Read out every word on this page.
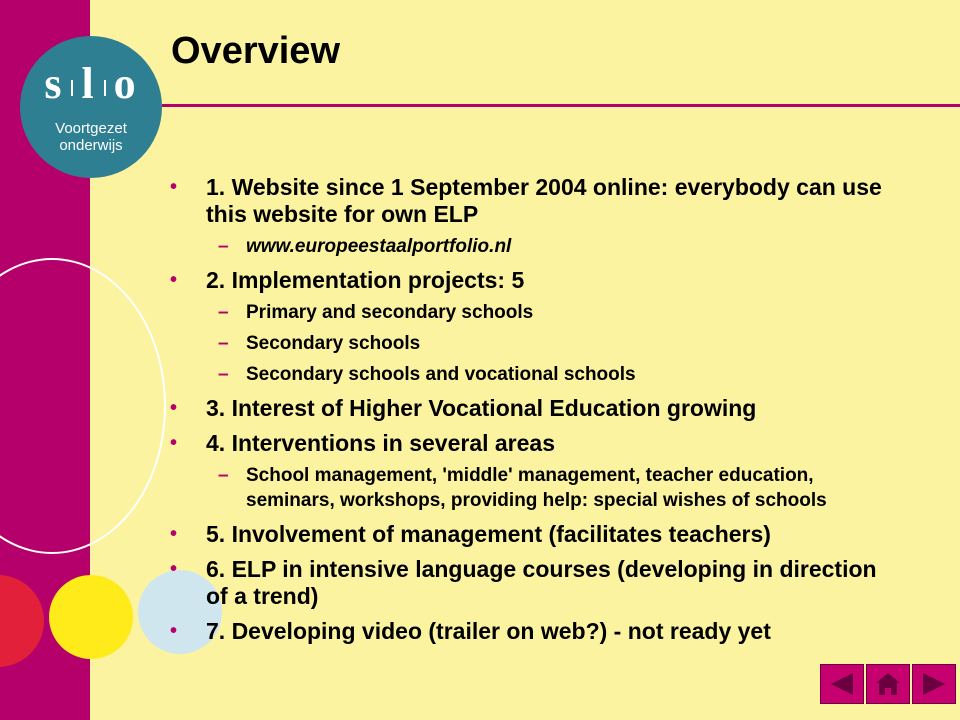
s l o
Voortgezet
onderwijs
Overview
• 1. Website since 1 September 2004 online: everybody can use this website for own ELP
– www.europeestaalportfolio.nl
• 2. Implementation projects: 5
– Primary and secondary schools
– Secondary schools
– Secondary schools and vocational schools
• 3. Interest of Higher Vocational Education growing
• 4. Interventions in several areas
– School management, 'middle' management, teacher education, seminars, workshops, providing help: special wishes of schools
• 5. Involvement of management (facilitates teachers)
• 6. ELP in intensive language courses (developing in direction of a trend)
• 7. Developing video (trailer on web?) - not ready yet
